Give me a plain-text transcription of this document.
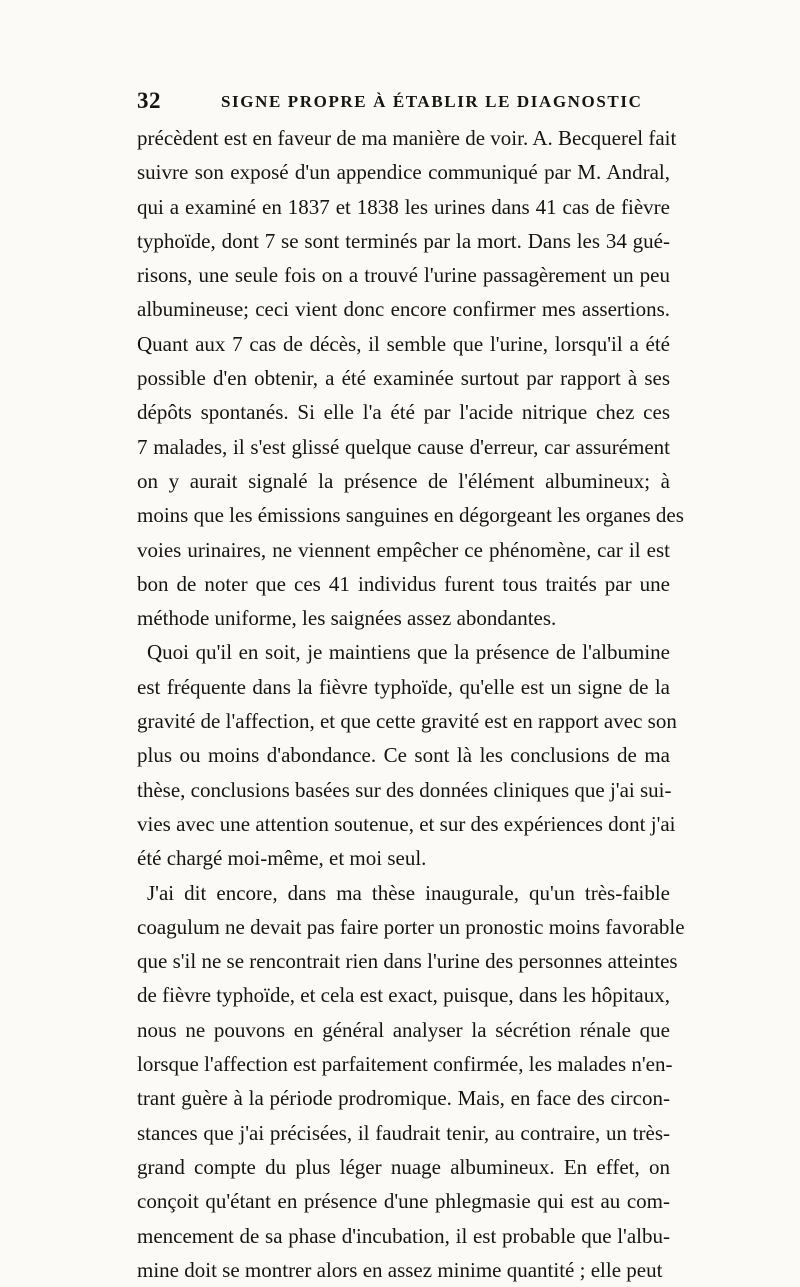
32	SIGNE PROPRE À ÉTABLIR LE DIAGNOSTIC
précèdent est en faveur de ma manière de voir. A. Becquerel fait
suivre son exposé d'un appendice communiqué par M. Andral,
qui a examiné en 1837 et 1838 les urines dans 41 cas de fièvre
typhoïde, dont 7 se sont terminés par la mort. Dans les 34 gué-
risons, une seule fois on a trouvé l'urine passagèrement un peu
albumineuse; ceci vient donc encore confirmer mes assertions.
Quant aux 7 cas de décès, il semble que l'urine, lorsqu'il a été
possible d'en obtenir, a été examinée surtout par rapport à ses
dépôts spontanés. Si elle l'a été par l'acide nitrique chez ces
7 malades, il s'est glissé quelque cause d'erreur, car assurément
on y aurait signalé la présence de l'élément albumineux; à
moins que les émissions sanguines en dégorgeant les organes des
voies urinaires, ne viennent empêcher ce phénomène, car il est
bon de noter que ces 41 individus furent tous traités par une
méthode uniforme, les saignées assez abondantes.
Quoi qu'il en soit, je maintiens que la présence de l'albumine
est fréquente dans la fièvre typhoïde, qu'elle est un signe de la
gravité de l'affection, et que cette gravité est en rapport avec son
plus ou moins d'abondance. Ce sont là les conclusions de ma
thèse, conclusions basées sur des données cliniques que j'ai sui-
vies avec une attention soutenue, et sur des expériences dont j'ai
été chargé moi-même, et moi seul.
J'ai dit encore, dans ma thèse inaugurale, qu'un très-faible
coagulum ne devait pas faire porter un pronostic moins favorable
que s'il ne se rencontrait rien dans l'urine des personnes atteintes
de fièvre typhoïde, et cela est exact, puisque, dans les hôpitaux,
nous ne pouvons en général analyser la sécrétion rénale que
lorsque l'affection est parfaitement confirmée, les malades n'en-
trant guère à la période prodromique. Mais, en face des circon-
stances que j'ai précisées, il faudrait tenir, au contraire, un très-
grand compte du plus léger nuage albumineux. En effet, on
conçoit qu'étant en présence d'une phlegmasie qui est au com-
mencement de sa phase d'incubation, il est probable que l'albu-
mine doit se montrer alors en assez minime quantité ; elle peut
